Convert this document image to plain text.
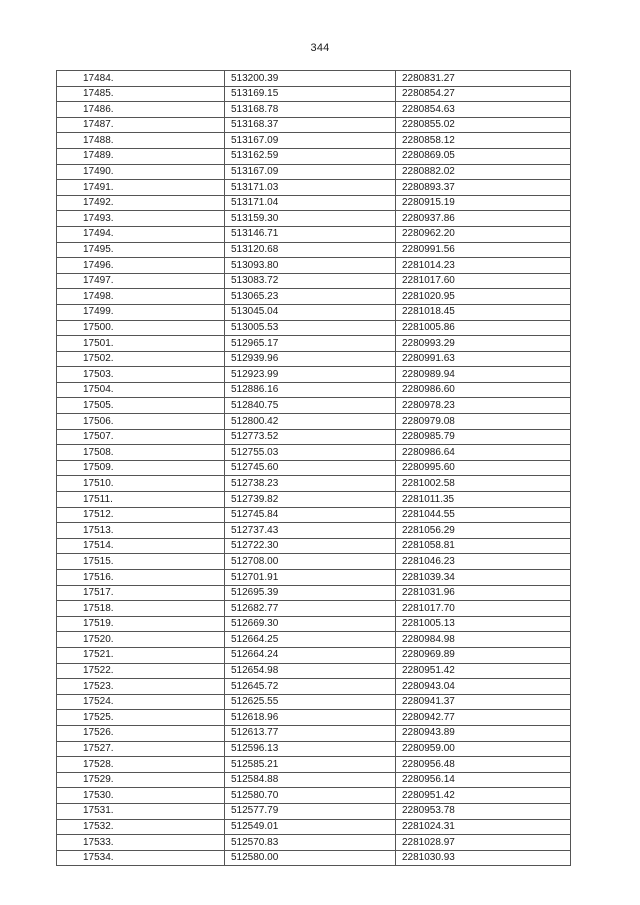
344
17484.	513200.39	2280831.27
17485.	513169.15	2280854.27
17486.	513168.78	2280854.63
17487.	513168.37	2280855.02
17488.	513167.09	2280858.12
17489.	513162.59	2280869.05
17490.	513167.09	2280882.02
17491.	513171.03	2280893.37
17492.	513171.04	2280915.19
17493.	513159.30	2280937.86
17494.	513146.71	2280962.20
17495.	513120.68	2280991.56
17496.	513093.80	2281014.23
17497.	513083.72	2281017.60
17498.	513065.23	2281020.95
17499.	513045.04	2281018.45
17500.	513005.53	2281005.86
17501.	512965.17	2280993.29
17502.	512939.96	2280991.63
17503.	512923.99	2280989.94
17504.	512886.16	2280986.60
17505.	512840.75	2280978.23
17506.	512800.42	2280979.08
17507.	512773.52	2280985.79
17508.	512755.03	2280986.64
17509.	512745.60	2280995.60
17510.	512738.23	2281002.58
17511.	512739.82	2281011.35
17512.	512745.84	2281044.55
17513.	512737.43	2281056.29
17514.	512722.30	2281058.81
17515.	512708.00	2281046.23
17516.	512701.91	2281039.34
17517.	512695.39	2281031.96
17518.	512682.77	2281017.70
17519.	512669.30	2281005.13
17520.	512664.25	2280984.98
17521.	512664.24	2280969.89
17522.	512654.98	2280951.42
17523.	512645.72	2280943.04
17524.	512625.55	2280941.37
17525.	512618.96	2280942.77
17526.	512613.77	2280943.89
17527.	512596.13	2280959.00
17528.	512585.21	2280956.48
17529.	512584.88	2280956.14
17530.	512580.70	2280951.42
17531.	512577.79	2280953.78
17532.	512549.01	2281024.31
17533.	512570.83	2281028.97
17534.	512580.00	2281030.93
